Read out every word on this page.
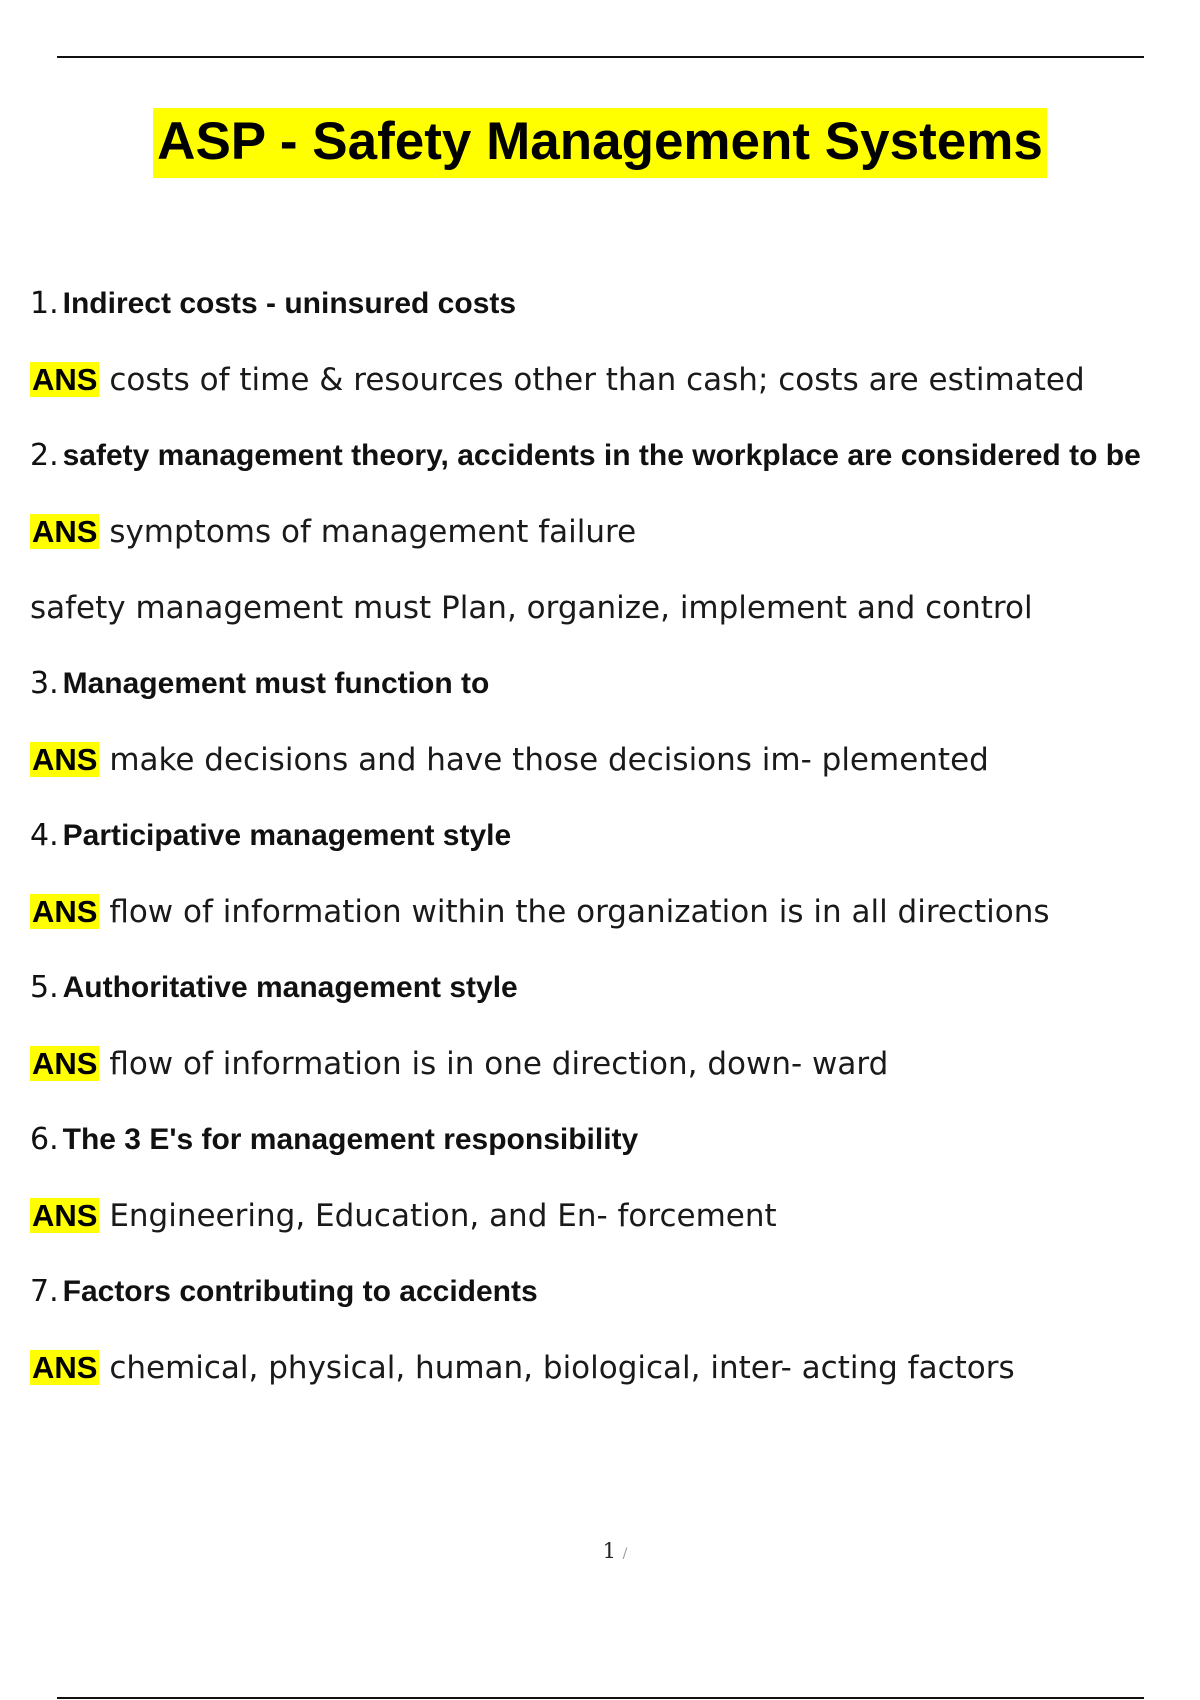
ASP - Safety Management Systems
1. Indirect costs - uninsured costs
ANS costs of time & resources other than cash; costs are estimated
2. safety management theory, accidents in the workplace are considered to be
ANS symptoms of management failure
safety management must Plan, organize, implement and control
3. Management must function to
ANS make decisions and have those decisions im- plemented
4. Participative management style
ANS flow of information within the organization is in all directions
5. Authoritative management style
ANS flow of information is in one direction, down- ward
6. The 3 E's for management responsibility
ANS Engineering, Education, and En- forcement
7. Factors contributing to accidents
ANS chemical, physical, human, biological, inter- acting factors
1 /
